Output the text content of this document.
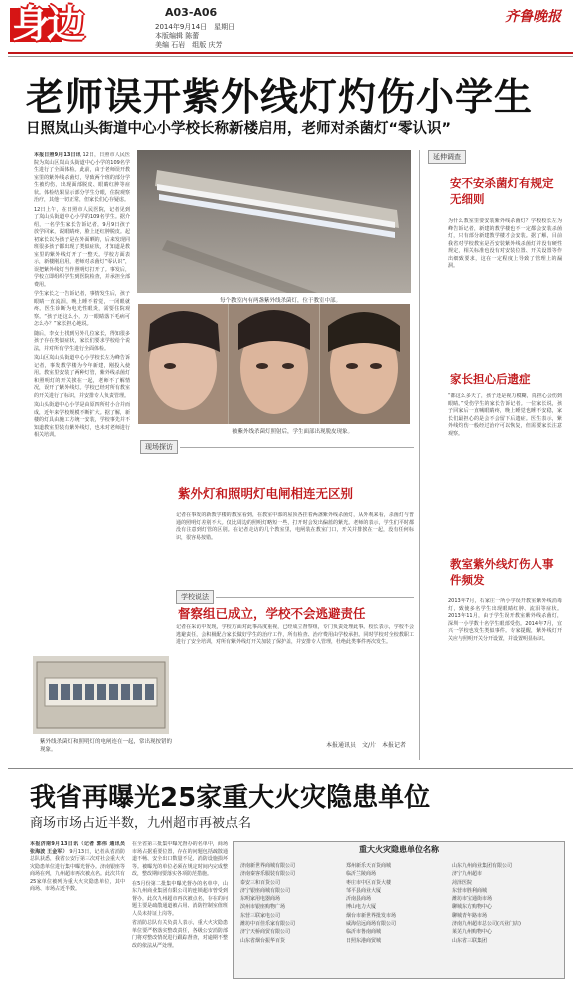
身边	A03-A06
2014年9月14日　星期日
本版编辑 陈蕾
美编 石岩　组版 庆芳
齐鲁晚报
老师误开紫外线灯灼伤小学生
日照岚山头街道中心小学校长称新楼启用，老师对杀菌灯“零认识”
本报日照9月13日讯 12日，日照市人民医院为岚山区岚山头街道中心小学的109名学生进行了全面体检。此前，由于老师误开教室里的紫外线杀菌灯，导致两个班的部分学生被灼伤，出现面部脱皮、眼睛红肿等症状。体检结果显示部分学生分眼，住院观察治疗，其他一切正常，但家长们心存疑虑。

12日上午，在日照市人民医院，记者见到了岚山头街道中心小学的109名学生。据介绍，一名学生家长告诉记者，9月9日孩子放学回家，说眼睛疼，脸上还红肿脱皮。起初家长以为孩子是在外面晒的，后来发现同班很多孩子都出现了类似症状，才知道是教室里的紫外线灯开了一整天。学校方面表示，新楼刚启用，老师对杀菌灯“零认识”，误把紫外线灯当作照明灯打开了。事发后，学校立即组织学生到医院检查，并承担全部费用。

学生家长之一告诉记者，事情发生后，孩子眼睛一直流泪，晚上睡不着觉，一闭眼就疼。医生诊断为电光性眼炎，需要住院观察。“孩子还这么小，万一眼睛落下毛病可怎么办？”家长担心地说。

随后，李女士找到另外几位家长，得知很多孩子存在类似症状，家长们要求学校给个说法，并对所有学生进行全面体检。

岚山区岚山头街道中心小学校长左为峰告诉记者，事发教学楼为今年新建，刚投入使用。教室里安装了两种灯管，紫外线杀菌灯和照明灯的开关挨在一起，老师不了解情况，误开了紫外线灯。学校已经对所有教室的开关进行了标识，并安排专人负责管理。

岚山头街道中心小学是由原四所村小合并而成，近年来学校规模不断扩大。据了解，新楼的灯具由施工方统一安装，学校事先并不知道教室里装有紫外线灯，也未对老师进行相关培训。

每个教室内有两盏紫外线杀菌灯，位于教室中部。
被紫外线杀菌灯照射后，学生面部出现脱皮现象。
现场探访
紫外灯和照明灯电闸相连无区别
记者在事发的新教学楼的教室看到，在教室中部的屋顶各挂着两盏紫外线杀菌灯，从外观来看，杀菌灯与普通的照明灯差别不大。仅比周边的照明灯略短一些，打开时会发出偏蓝的紫光。老师的表示，学生们平时都没有注意到灯管的区别。在记者走访的几个教室里，电闸装在教室门口，开关并排挨在一起，没有任何标识，很容易按错。
学校说法
督察组已成立，学校不会逃避责任
记者在采访中发现，学校方面对此事高度重视，已经成立督察组，专门负责处理此事。校长表示，学校不会逃避责任，会积极配合家长做好学生的治疗工作，所有检查、治疗费用由学校承担。同时学校对全校教职工进行了安全培训，对所有紫外线灯开关加装了保护盖，并安排专人管理，杜绝此类事件再次发生。
本报通讯员　文/片　本报记者
紫外线杀菌灯和照明灯的电闸连在一起，常出现按错的现象。
延伸调查
安不安杀菌灯有规定无细则
为什么教室里要安装紫外线杀菌灯？学校校长左为峰告诉记者，新建的教学楼也不一定都会安装杀菌灯，只有部分新建教学楼才会安装。据了解，目前我省对学校教室是否安装紫外线杀菌灯并没有硬性规定，相关标准也没有对安装位置、开关设置等作出细致要求，这在一定程度上导致了管理上的漏洞。
家长担心后遗症
“都这么多天了，孩子还是视力模糊，真担心会伤到眼睛。”受伤学生的家长告诉记者。一位家长说，孩子回家后一直喊眼睛疼，晚上睡觉也睡不安稳，家长们最担心的是会不会留下后遗症。医生表示，紫外线灼伤一般经过治疗可以恢复，但需要家长注意观察。
教室紫外线灯伤人事件频发
2013年7月，石家庄一所小学误开教室紫外线消毒灯，致使多名学生出现眼睛红肿、流泪等症状。2013年11月，由于学生误开教室紫外线杀菌灯，深圳一小学数十名学生眼部受伤。2014年7月，宜兴一学校也发生类似事件。专家提醒，紫外线灯开关应与照明开关分开设置，并设置明显标识。
我省再曝光25家重大火灾隐患单位
商场市场占近半数，九州超市再被点名
本报济南9月13日讯（记者 郭伟 通讯员 张海波 王金军） 9月13日，记者从省消防总队获悉，我省公安厅第三次对社会重大火灾隐患单位进行集中曝光督办。济南银座等商场在列，九州超市再次被点名。此次共有25家单位被列为重大火灾隐患单位，其中商场、市场占近半数。
在全省第三批集中曝光督办的名单中，商场市场占据重要位置，存在的问题包括疏散通道不畅、安全出口数量不足、消防设施损坏等。被曝光的单位必须在规定时间内完成整改，整改期间要落实各项防范措施。

在5月份第二批集中曝光督办的名单中，山东九州商业集团有限公司的连锁超市曾受到督办，此次九州超市再次被点名，存在的问题主要是疏散通道被占用、消防控制室值班人员未持证上岗等。

省消防总队有关负责人表示，重大火灾隐患单位要严格落实整改责任，各级公安消防部门将对整改情况进行跟踪督查，对逾期不整改的依法从严处理。

重大火灾隐患单位名称
济南新世界商城有限公司
济南秦客乐服装有限公司
泰安三和百货公司
济宁银座商城有限公司
东明家用电器商场
滨州市银座购物广场
东营三联家电公司
潍坊中百佳乐家有限公司
济宁天桥商贸有限公司
山东省烟台振华百货
郑州新乐天百货商城
临沂兰陵商场
枣庄市中区百货大楼
邹平县商业大厦
沂南县商场
博山电力大厦
烟台市新世界批发市场
威海信远商场有限公司
临沂市鲁南商城
日照东港商贸城
山东九州商业集团有限公司
济宁九州超市
菏泽医院
东营市胜利商城
潍坊市宝通街市场
聊城东方购物中心
聊城青年路市场
济南九州超市总公司(兴业门店)
莱芜九州购物中心
山东省三联集团
